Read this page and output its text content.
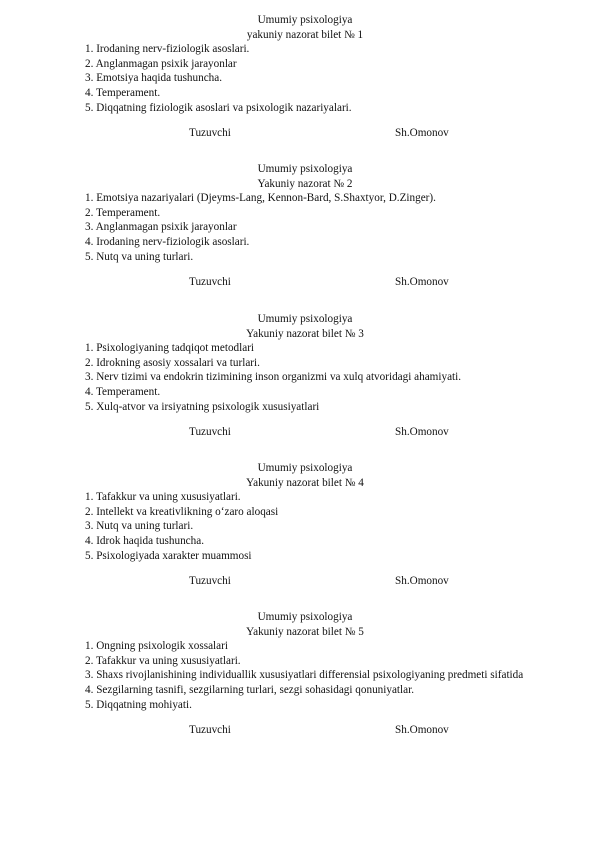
Umumiy psixologiya
yakuniy nazorat bilet № 1
1. Irodaning nerv-fiziologik asoslari.
2. Anglanmagan psixik jarayonlar
3. Emotsiya haqida tushuncha.
4. Temperament.
5. Diqqatning fiziologik asoslari va psixologik nazariyalari.
Tuzuvchi	Sh.Omonov
Umumiy psixologiya
Yakuniy nazorat № 2
1. Emotsiya nazariyalari (Djeyms-Lang, Kennon-Bard, S.Shaxtyor, D.Zinger).
2. Temperament.
3. Anglanmagan psixik jarayonlar
4. Irodaning nerv-fiziologik asoslari.
5. Nutq va uning turlari.
Tuzuvchi	Sh.Omonov
Umumiy psixologiya
Yakuniy nazorat bilet № 3
1. Psixologiyaning tadqiqot metodlari
2. Idrokning asosiy xossalari va turlari.
3. Nerv tizimi va endokrin tizimining inson organizmi va xulq atvoridagi ahamiyati.
4. Temperament.
5. Xulq-atvor va irsiyatning psixologik xususiyatlari
Tuzuvchi	Sh.Omonov
Umumiy psixologiya
Yakuniy nazorat bilet № 4
1. Tafakkur va uning xususiyatlari.
2. Intellekt va kreativlikning o‘zaro aloqasi
3. Nutq va uning turlari.
4. Idrok haqida tushuncha.
5. Psixologiyada xarakter muammosi
Tuzuvchi	Sh.Omonov
Umumiy psixologiya
Yakuniy nazorat bilet № 5
1. Ongning psixologik xossalari
2. Tafakkur va uning xususiyatlari.
3. Shaxs rivojlanishining individuallik xususiyatlari differensial psixologiyaning predmeti sifatida
4. Sezgilarning tasnifi, sezgilarning turlari, sezgi sohasidagi qonuniyatlar.
5. Diqqatning mohiyati.
Tuzuvchi	Sh.Omonov
